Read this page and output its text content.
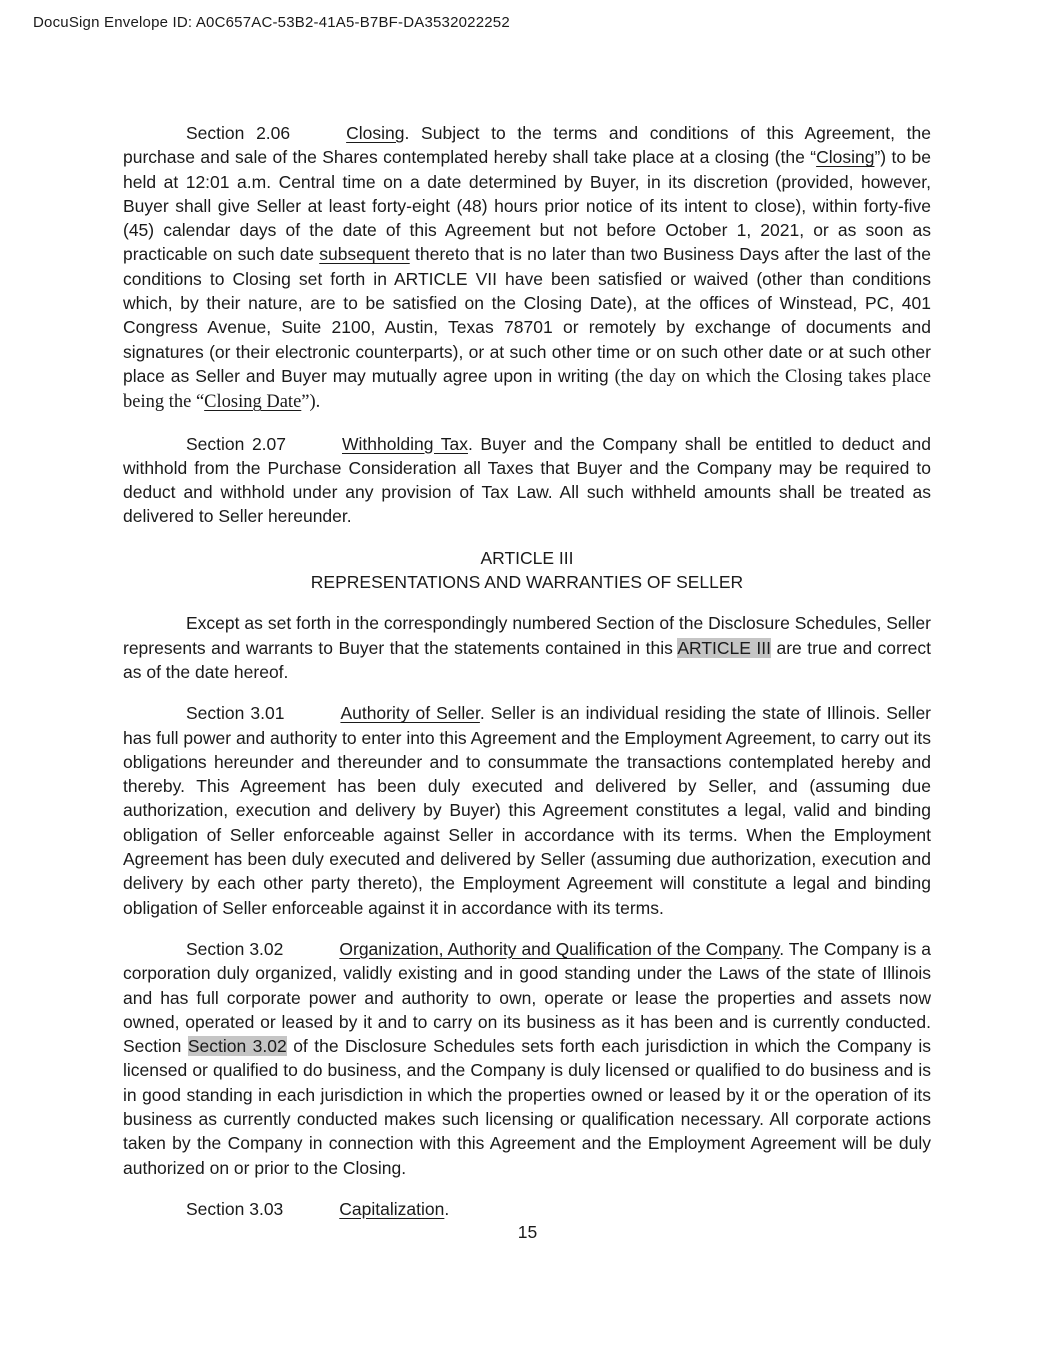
DocuSign Envelope ID: A0C657AC-53B2-41A5-B7BF-DA3532022252

Section 2.06	Closing. Subject to the terms and conditions of this Agreement, the purchase and sale of the Shares contemplated hereby shall take place at a closing (the “Closing”) to be held at 12:01 a.m. Central time on a date determined by Buyer, in its discretion (provided, however, Buyer shall give Seller at least forty-eight (48) hours prior notice of its intent to close), within forty-five (45) calendar days of the date of this Agreement but not before October 1, 2021, or as soon as practicable on such date subsequent thereto that is no later than two Business Days after the last of the conditions to Closing set forth in ARTICLE VII have been satisfied or waived (other than conditions which, by their nature, are to be satisfied on the Closing Date), at the offices of Winstead, PC, 401 Congress Avenue, Suite 2100, Austin, Texas 78701 or remotely by exchange of documents and signatures (or their electronic counterparts), or at such other time or on such other date or at such other place as Seller and Buyer may mutually agree upon in writing (the day on which the Closing takes place being the “Closing Date”).

Section 2.07	Withholding Tax. Buyer and the Company shall be entitled to deduct and withhold from the Purchase Consideration all Taxes that Buyer and the Company may be required to deduct and withhold under any provision of Tax Law. All such withheld amounts shall be treated as delivered to Seller hereunder.

ARTICLE III
REPRESENTATIONS AND WARRANTIES OF SELLER

Except as set forth in the correspondingly numbered Section of the Disclosure Schedules, Seller represents and warrants to Buyer that the statements contained in this ARTICLE III are true and correct as of the date hereof.

Section 3.01	Authority of Seller. Seller is an individual residing the state of Illinois. Seller has full power and authority to enter into this Agreement and the Employment Agreement, to carry out its obligations hereunder and thereunder and to consummate the transactions contemplated hereby and thereby. This Agreement has been duly executed and delivered by Seller, and (assuming due authorization, execution and delivery by Buyer) this Agreement constitutes a legal, valid and binding obligation of Seller enforceable against Seller in accordance with its terms. When the Employment Agreement has been duly executed and delivered by Seller (assuming due authorization, execution and delivery by each other party thereto), the Employment Agreement will constitute a legal and binding obligation of Seller enforceable against it in accordance with its terms.

Section 3.02	Organization, Authority and Qualification of the Company. The Company is a corporation duly organized, validly existing and in good standing under the Laws of the state of Illinois and has full corporate power and authority to own, operate or lease the properties and assets now owned, operated or leased by it and to carry on its business as it has been and is currently conducted. Section Section 3.02 of the Disclosure Schedules sets forth each jurisdiction in which the Company is licensed or qualified to do business, and the Company is duly licensed or qualified to do business and is in good standing in each jurisdiction in which the properties owned or leased by it or the operation of its business as currently conducted makes such licensing or qualification necessary. All corporate actions taken by the Company in connection with this Agreement and the Employment Agreement will be duly authorized on or prior to the Closing.

Section 3.03	Capitalization.

15
